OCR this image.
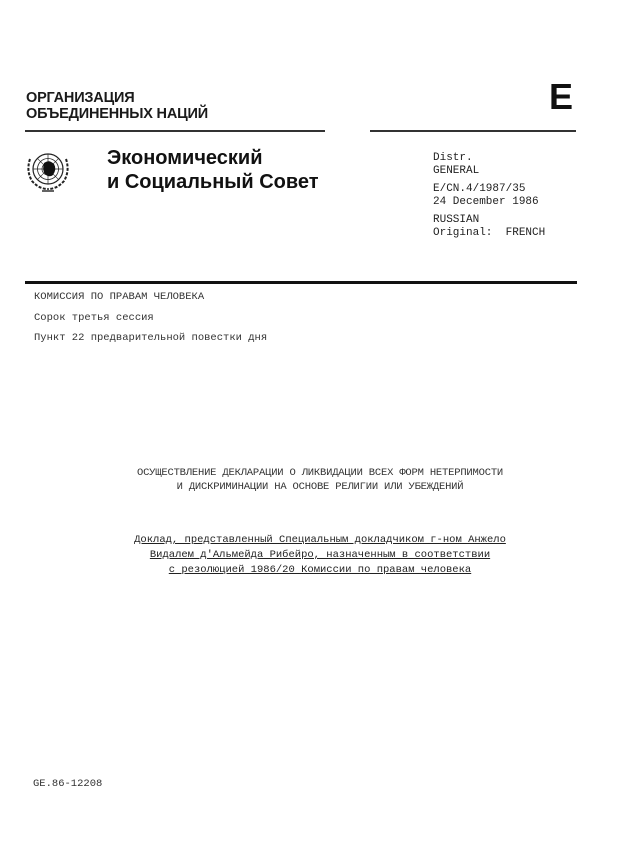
ОРГАНИЗАЦИЯ
ОБЪЕДИНЕННЫХ НАЦИЙ	E
Экономический
и Социальный Совет
Distr.
GENERAL
E/CN.4/1987/35
24 December 1986
RUSSIAN
Original: FRENCH
КОМИССИЯ ПО ПРАВАМ ЧЕЛОВЕКА
Сорок третья сессия
Пункт 22 предварительной повестки дня
ОСУЩЕСТВЛЕНИЕ ДЕКЛАРАЦИИ О ЛИКВИДАЦИИ ВСЕХ ФОРМ НЕТЕРПИМОСТИ
И ДИСКРИМИНАЦИИ НА ОСНОВЕ РЕЛИГИИ ИЛИ УБЕЖДЕНИЙ
Доклад, представленный Специальным докладчиком г-ном Анжело
Видалем д'Альмейда Рибейро, назначенным в соответствии
с резолюцией 1986/20 Комиссии по правам человека
GE.86-12208
